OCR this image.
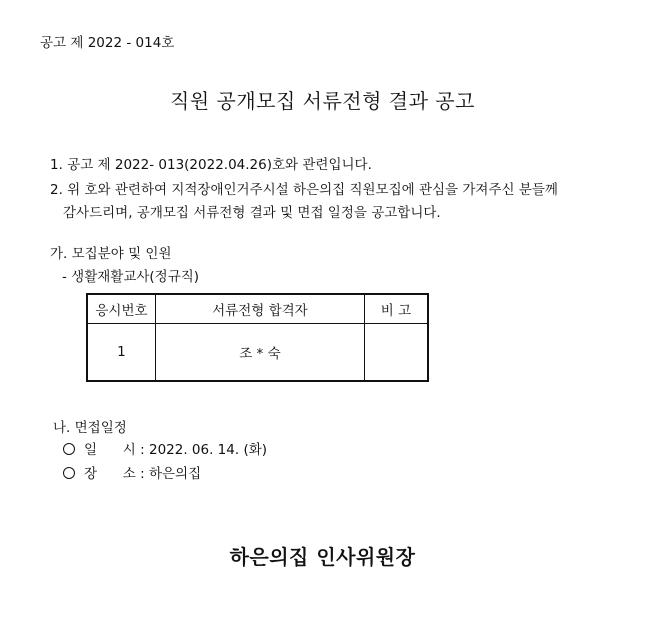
공고 제 2022 - 014호
직원 공개모집 서류전형 결과 공고
1. 공고 제 2022- 013(2022.04.26)호와 관련입니다.
2. 위 호와 관련하여 지적장애인거주시설 하은의집 직원모집에 관심을 가져주신 분들께
감사드리며, 공개모집 서류전형 결과 및 면접 일정을 공고합니다.
가. 모집분야 및 인원
- 생활재활교사(정규직)
응시번호	서류전형 합격자	비 고
1	조 * 숙	
나. 면접일정
일      시 : 2022. 06. 14. (화)
장      소 : 하은의집
하은의집 인사위원장
